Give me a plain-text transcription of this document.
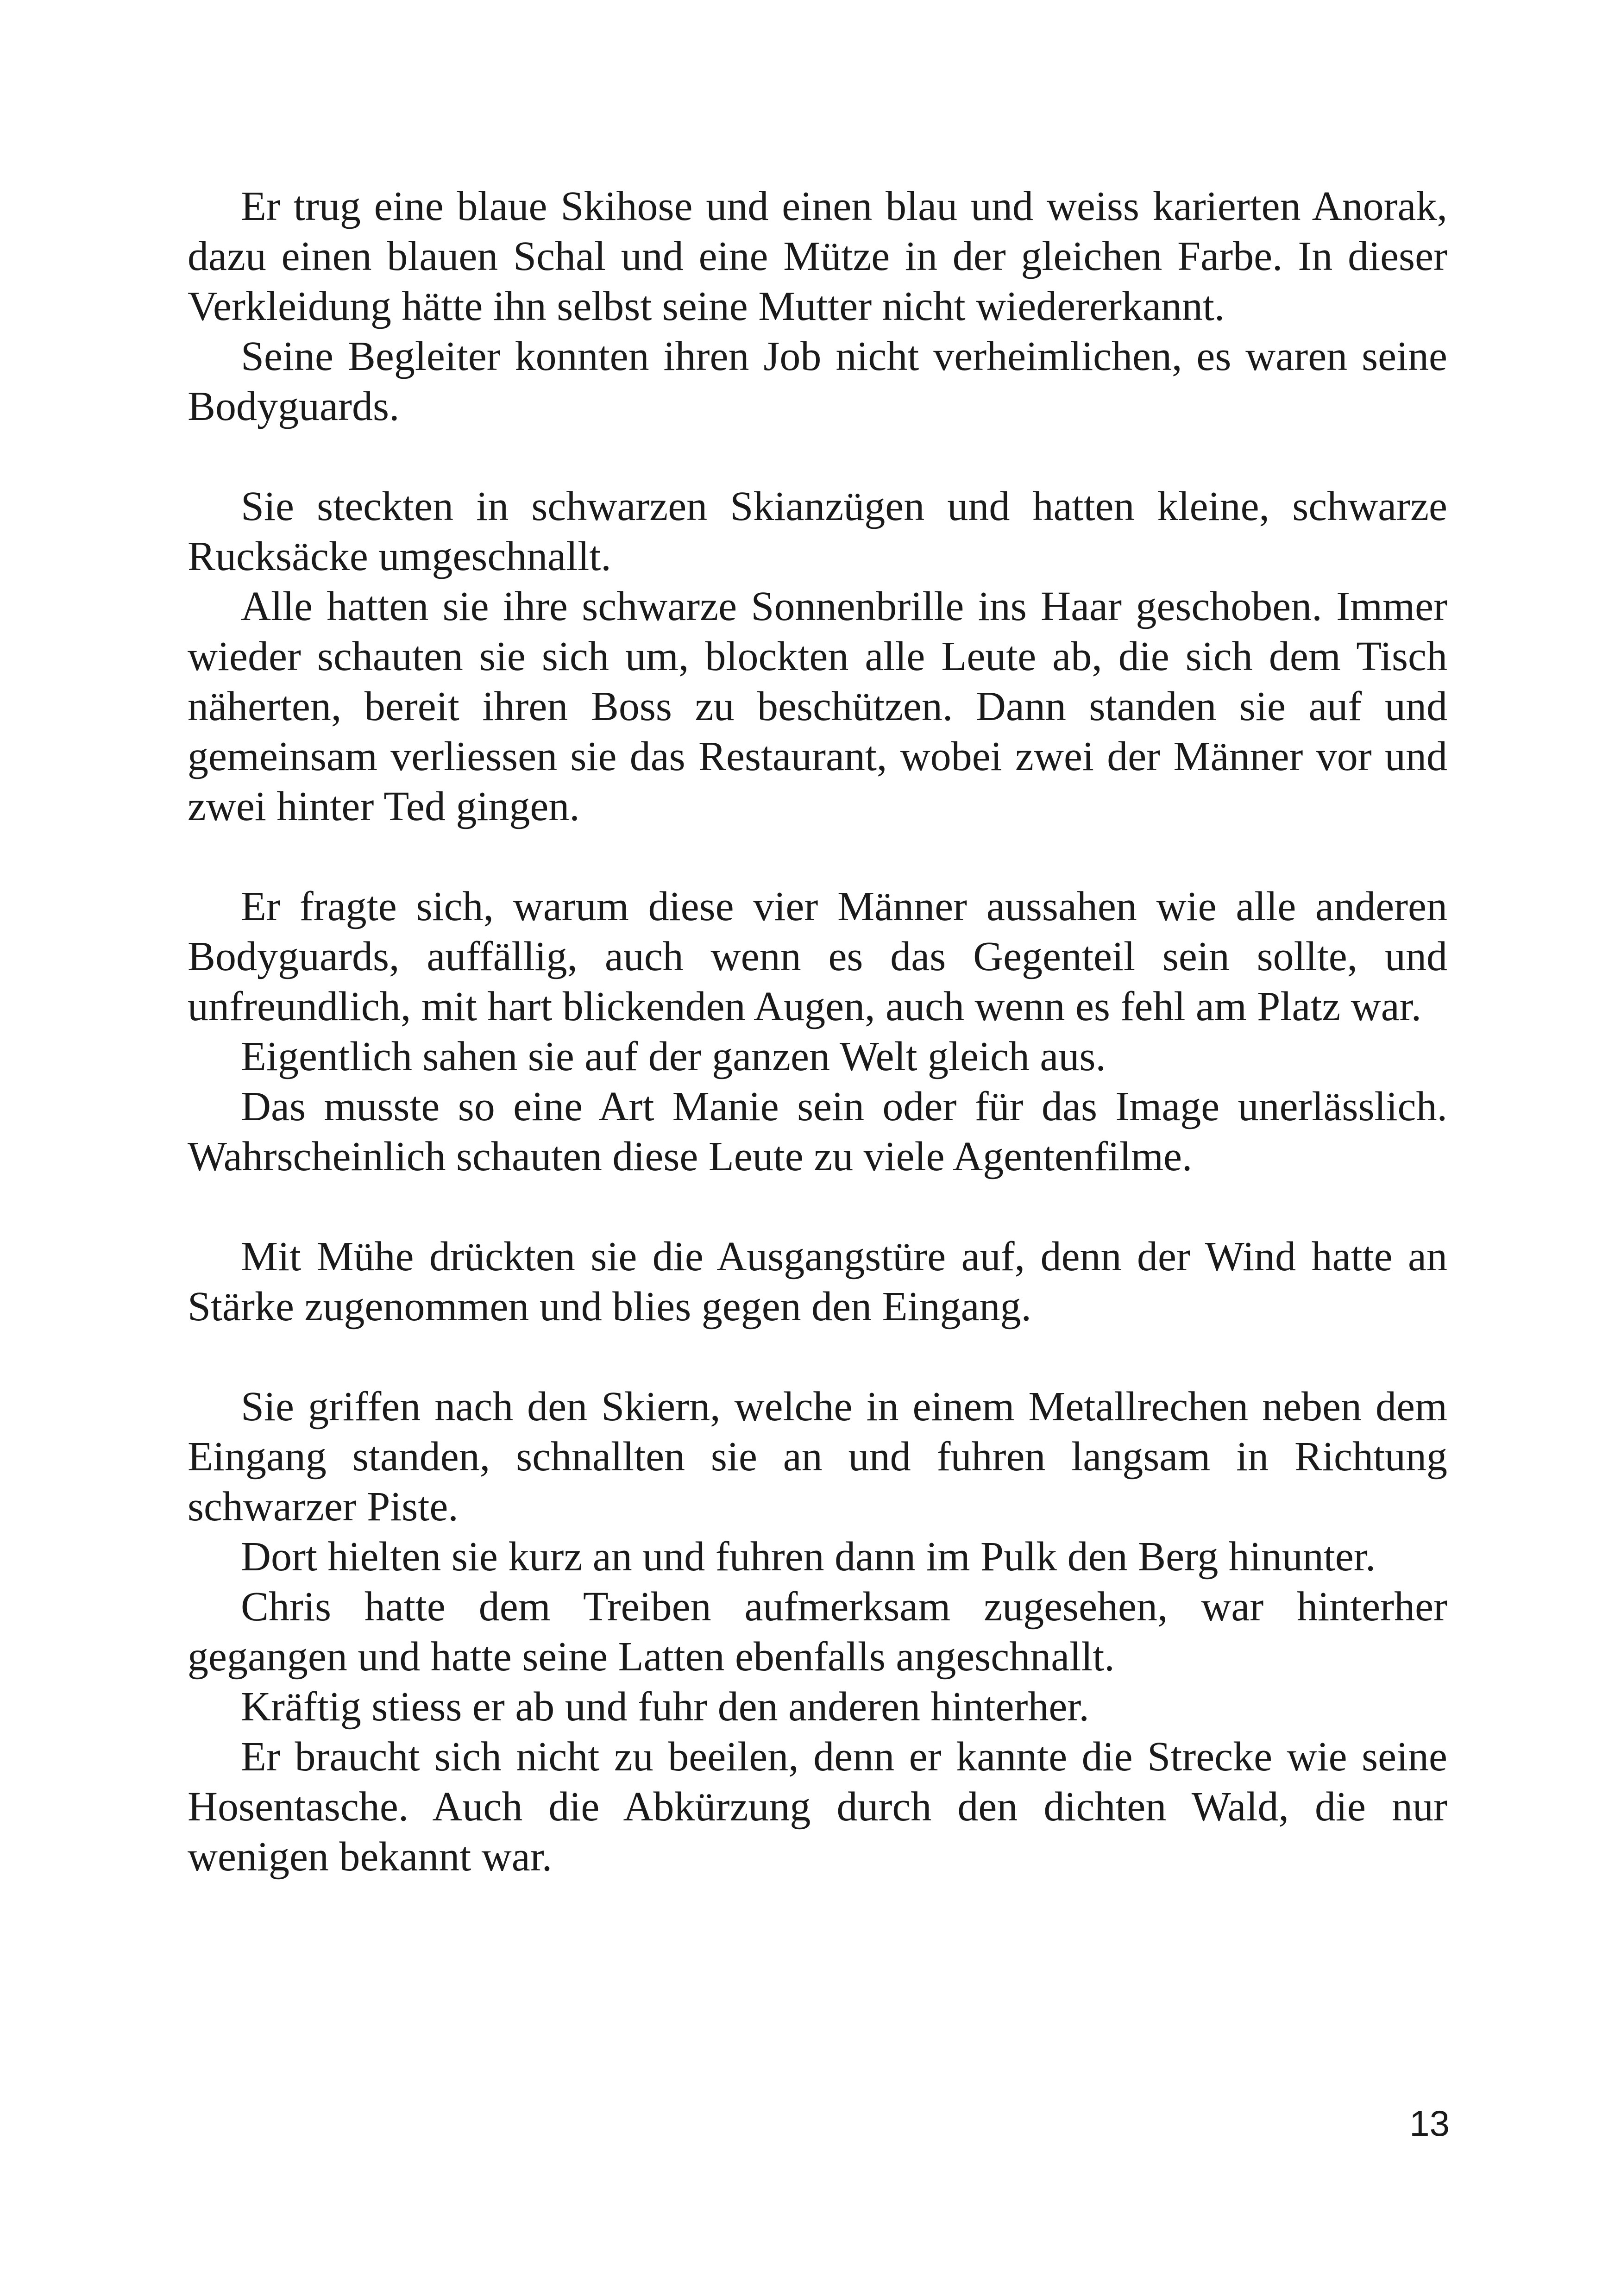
Er trug eine blaue Skihose und einen blau und weiss karierten Anorak, dazu einen blauen Schal und eine Mütze in der gleichen Farbe. In dieser Verkleidung hätte ihn selbst seine Mutter nicht wiedererkannt.

Seine Begleiter konnten ihren Job nicht verheimlichen, es waren seine Bodyguards.

Sie steckten in schwarzen Skianzügen und hatten kleine, schwarze Rucksäcke umgeschnallt.

Alle hatten sie ihre schwarze Sonnenbrille ins Haar geschoben. Immer wieder schauten sie sich um, blockten alle Leute ab, die sich dem Tisch näherten, bereit ihren Boss zu beschützen. Dann standen sie auf und gemeinsam verliessen sie das Restaurant, wobei zwei der Männer vor und zwei hinter Ted gingen.

Er fragte sich, warum diese vier Männer aussahen wie alle anderen Bodyguards, auffällig, auch wenn es das Gegenteil sein sollte, und unfreundlich, mit hart blickenden Augen, auch wenn es fehl am Platz war.

Eigentlich sahen sie auf der ganzen Welt gleich aus.

Das musste so eine Art Manie sein oder für das Image unerlässlich. Wahrscheinlich schauten diese Leute zu viele Agentenfilme.

Mit Mühe drückten sie die Ausgangstüre auf, denn der Wind hatte an Stärke zugenommen und blies gegen den Eingang.

Sie griffen nach den Skiern, welche in einem Metallrechen neben dem Eingang standen, schnallten sie an und fuhren langsam in Richtung schwarzer Piste.

Dort hielten sie kurz an und fuhren dann im Pulk den Berg hinunter.

Chris hatte dem Treiben aufmerksam zugesehen, war hinterher gegangen und hatte seine Latten ebenfalls angeschnallt.

Kräftig stiess er ab und fuhr den anderen hinterher.

Er braucht sich nicht zu beeilen, denn er kannte die Strecke wie seine Hosentasche. Auch die Abkürzung durch den dichten Wald, die nur wenigen bekannt war.

13
